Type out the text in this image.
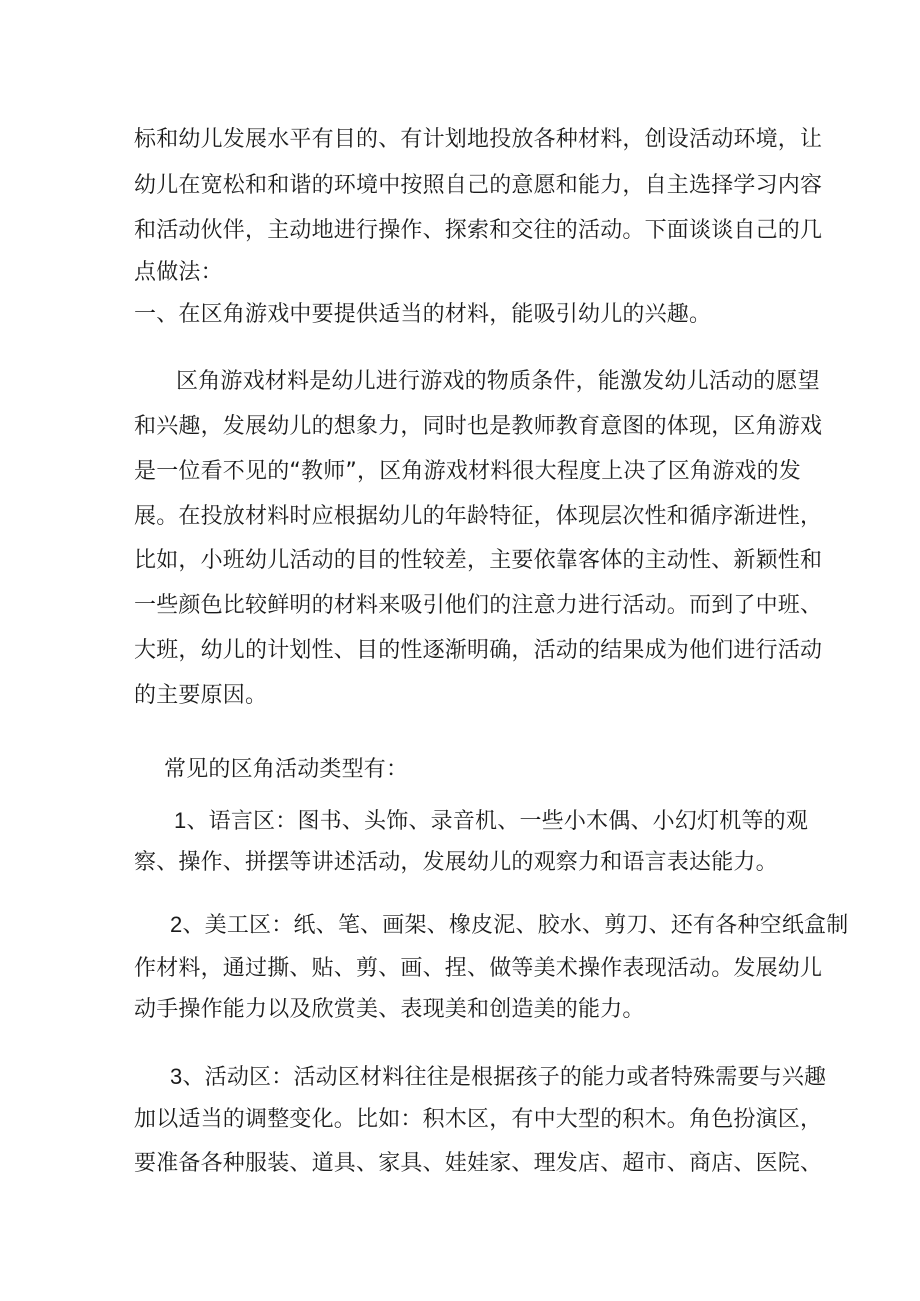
标和幼儿发展水平有目的、有计划地投放各种材料，创设活动环境，让
幼儿在宽松和和谐的环境中按照自己的意愿和能力，自主选择学习内容
和活动伙伴，主动地进行操作、探索和交往的活动。下面谈谈自己的几
点做法：
一、在区角游戏中要提供适当的材料，能吸引幼儿的兴趣。
区角游戏材料是幼儿进行游戏的物质条件，能激发幼儿活动的愿望
和兴趣，发展幼儿的想象力，同时也是教师教育意图的体现，区角游戏
是一位看不见的“教师”，区角游戏材料很大程度上决了区角游戏的发
展。在投放材料时应根据幼儿的年龄特征，体现层次性和循序渐进性，
比如，小班幼儿活动的目的性较差，主要依靠客体的主动性、新颖性和
一些颜色比较鲜明的材料来吸引他们的注意力进行活动。而到了中班、
大班，幼儿的计划性、目的性逐渐明确，活动的结果成为他们进行活动
的主要原因。
常见的区角活动类型有：
1、语言区：图书、头饰、录音机、一些小木偶、小幻灯机等的观
察、操作、拼摆等讲述活动，发展幼儿的观察力和语言表达能力。
2、美工区：纸、笔、画架、橡皮泥、胶水、剪刀、还有各种空纸盒制
作材料，通过撕、贴、剪、画、捏、做等美术操作表现活动。发展幼儿
动手操作能力以及欣赏美、表现美和创造美的能力。
3、活动区：活动区材料往往是根据孩子的能力或者特殊需要与兴趣
加以适当的调整变化。比如：积木区，有中大型的积木。角色扮演区，
要准备各种服装、道具、家具、娃娃家、理发店、超市、商店、医院、
